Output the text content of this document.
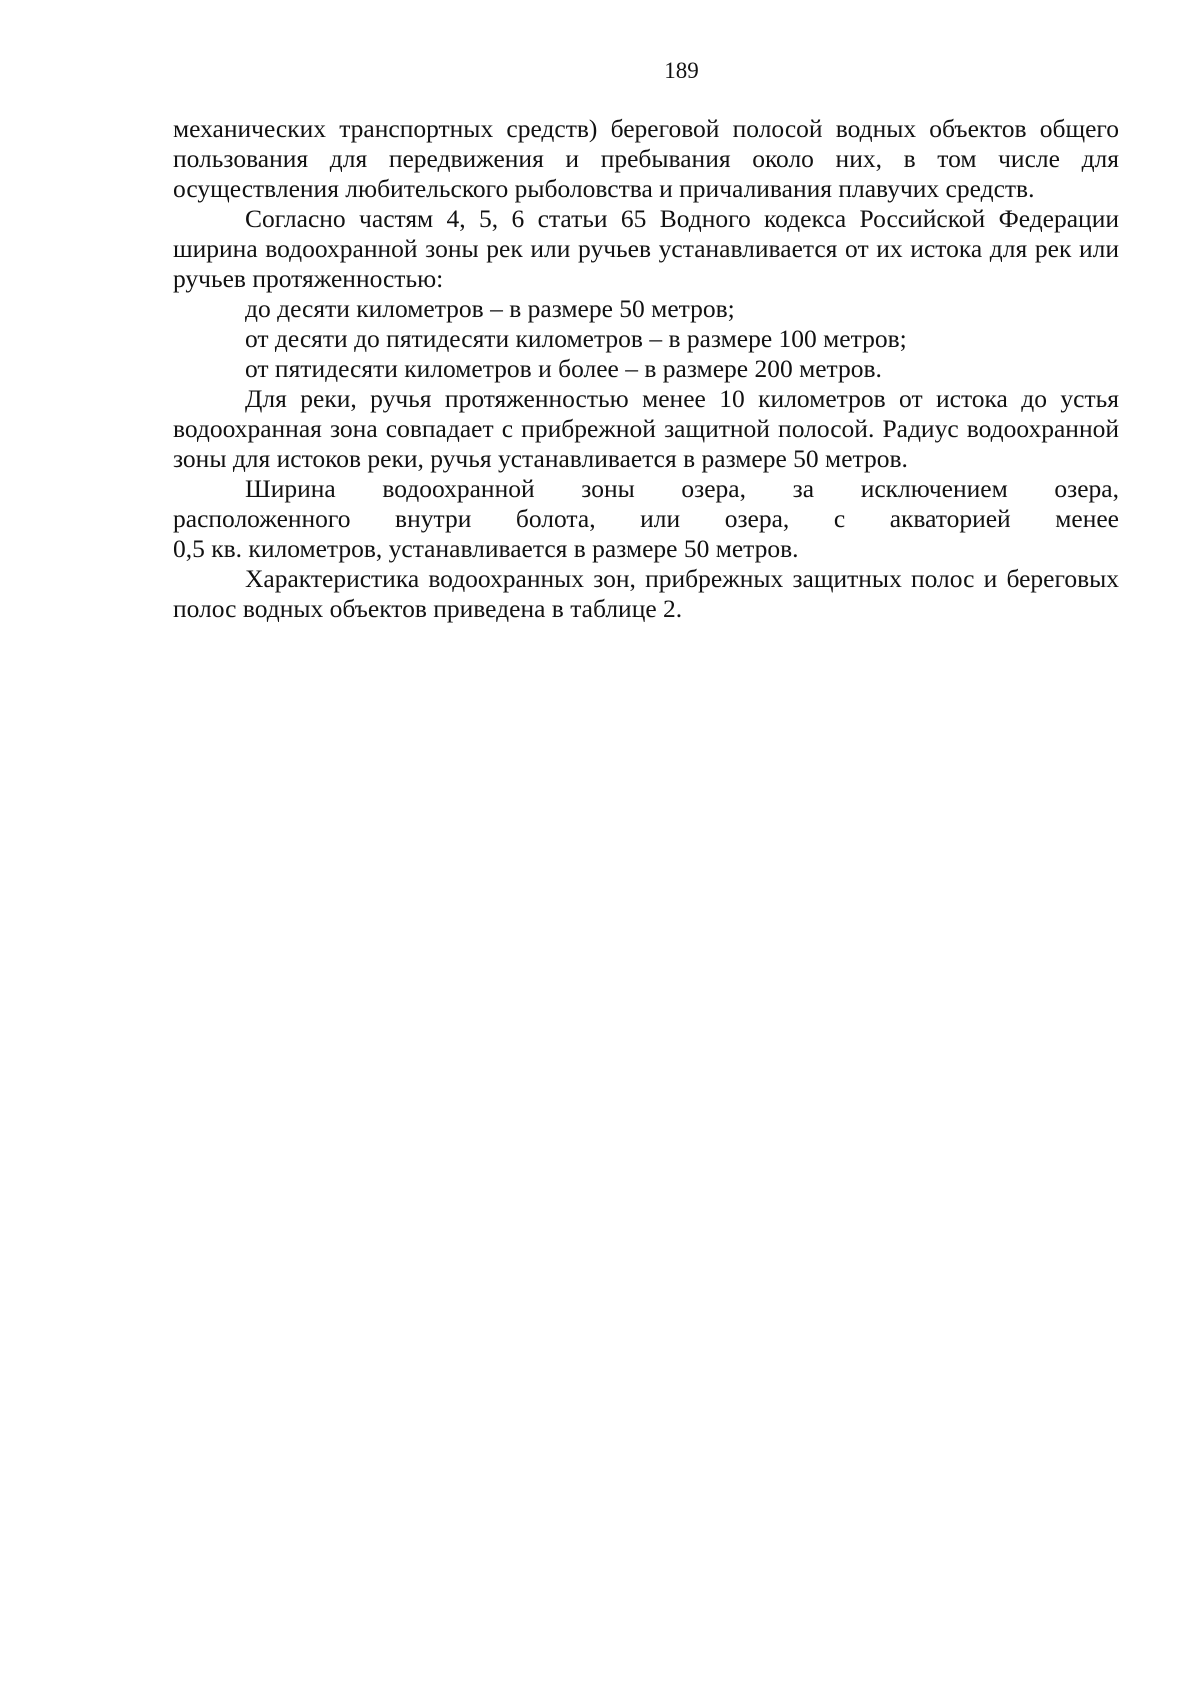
189

механических транспортных средств) береговой полосой водных объектов общего пользования для передвижения и пребывания около них, в том числе для осуществления любительского рыболовства и причаливания плавучих средств.

Согласно частям 4, 5, 6 статьи 65 Водного кодекса Российской Федерации ширина водоохранной зоны рек или ручьев устанавливается от их истока для рек или ручьев протяженностью:

до десяти километров – в размере 50 метров;

от десяти до пятидесяти километров – в размере 100 метров;

от пятидесяти километров и более – в размере 200 метров.

Для реки, ручья протяженностью менее 10 километров от истока до устья водоохранная зона совпадает с прибрежной защитной полосой. Радиус водоохранной зоны для истоков реки, ручья устанавливается в размере 50 метров.

Ширина водоохранной зоны озера, за исключением озера,

расположенного внутри болота, или озера, с акваторией менее

0,5 кв. километров, устанавливается в размере 50 метров.

Характеристика водоохранных зон, прибрежных защитных полос и береговых полос водных объектов приведена в таблице 2.
